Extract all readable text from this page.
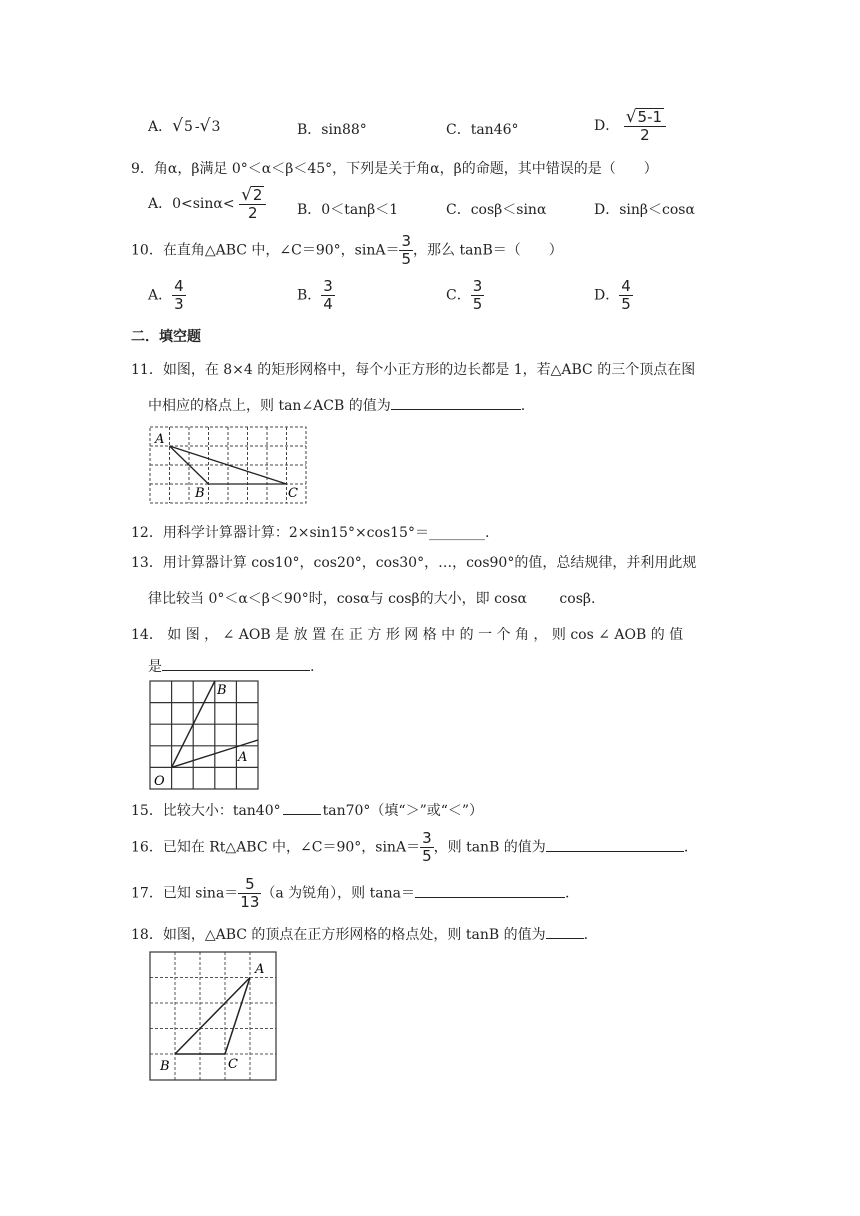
A．√5 -√3	B．sin88°	C．tan46°	D． $\frac{√5-1}{2}$
9．角α，β满足 0°＜α＜β＜45°，下列是关于角α，β的命题，其中错误的是（　　）
A．$0<\sin\alpha< \frac{√2}{2}$ B．0＜tanβ＜1	C．cosβ＜sinα	D．sinβ＜cosα
10．在直角△ABC 中，∠C＝90°，$\sin A= \frac{3}{5}$ ，那么 tanB＝（　　）
A． $\frac{4}{3}$	B． $\frac{3}{4}$	C． $\frac{3}{5}$	D． $\frac{4}{5}$
二．填空题
11．如图，在 8×4 的矩形网格中，每个小正方形的边长都是 1，若△ABC 的三个顶点在图
中相应的格点上，则 tan∠ACB 的值为	.
A
B	C
12．用科学计算器计算：2×sin15°×cos15°＝________.
13．用计算器计算 cos10°，cos20°，cos30°，…，cos90°的值，总结规律，并利用此规
律比较当 0°＜α＜β＜90°时，cosα与 cosβ的大小，即 cosα　　 cosβ.
14． 如 图 ， ∠ AOB 是 放 置 在 正 方 形 网 格 中 的 一 个 角 ， 则 cos ∠ AOB 的 值
是	.
O
A
B
15．比较大小：tan40°	tan70°（填“＞”或“＜”）
16．已知在 Rt△ABC 中，∠C＝90°，$\sin A= \frac{3}{5}$ ，则 tanB 的值为	.
17．已知 $\sin a= \frac{5}{13} (a$ 为锐角），则 tana＝	.
18．如图，△ABC 的顶点在正方形网格的格点处，则 tanB 的值为	.
A
B	C
